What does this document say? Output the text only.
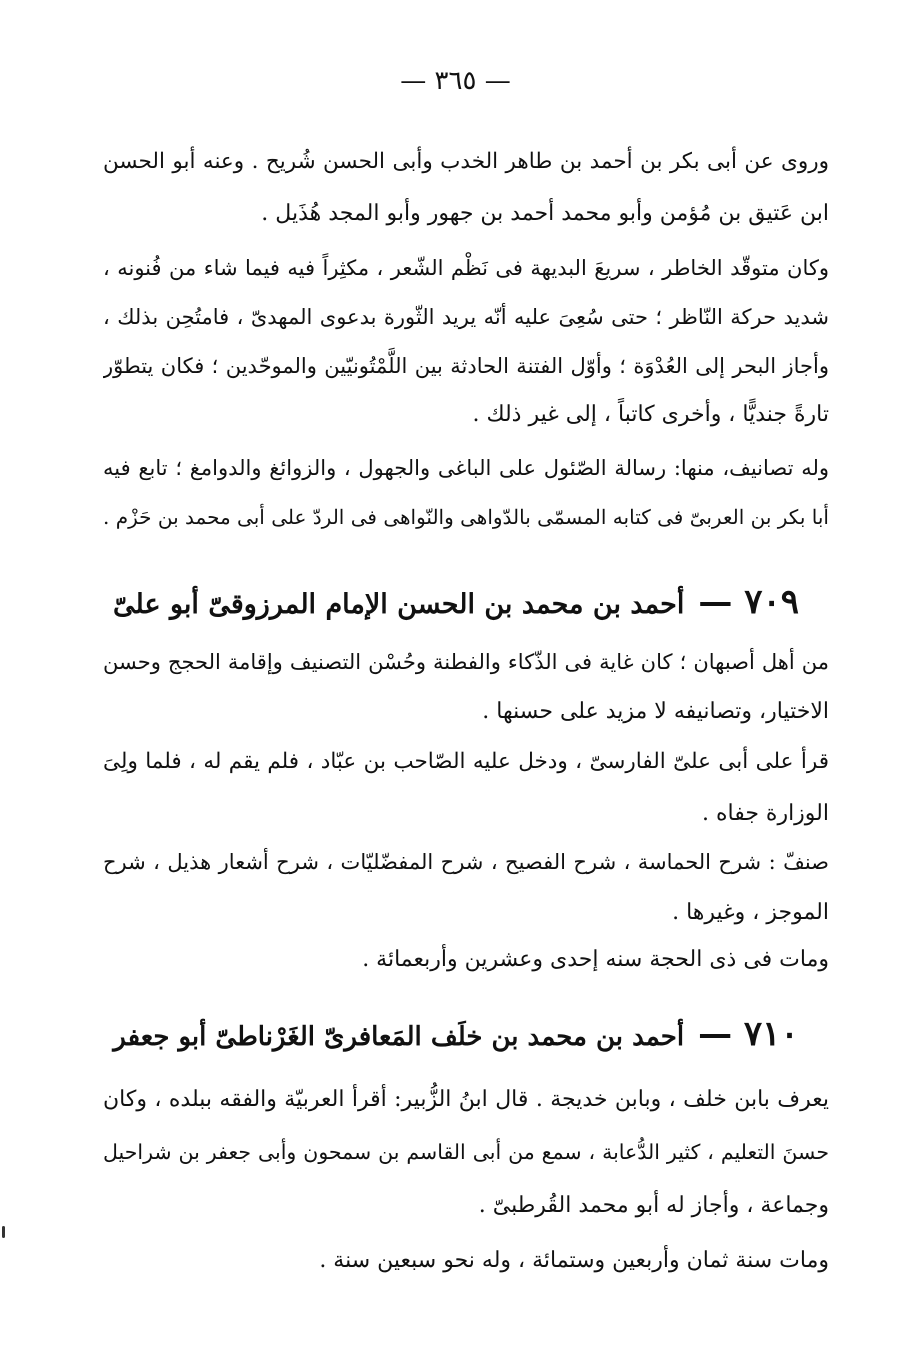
— ٣٦٥ —
وروى عن أبى بكر بن أحمد بن طاهر الخدب وأبى الحسن شُريح . وعنه أبو الحسن
ابن عَتيق بن مُؤمن وأبو محمد أحمد بن جهور وأبو المجد هُذَيل .
وكان متوقّد الخاطر ، سريعَ البديهة فى نَظْم الشّعر ، مكثِراً فيه فيما شاء من فُنونه ،
شديد حركة النّاظر ؛ حتى سُعِىَ عليه أنّه يريد الثّورة بدعوى المهدىّ ، فامتُحِن بذلك ،
وأجاز البحر إلى العُدْوَة ؛ وأوّل الفتنة الحادثة بين اللَّمْتُونيّين والموحّدين ؛ فكان يتطوّر
تارةً جنديًّا ، وأخرى كاتباً ، إلى غير ذلك .
وله تصانيف، منها: رسالة الصّئول على الباغى والجهول ، والزوائغ والدوامغ ؛ تابع فيه
أبا بكر بن العربىّ فى كتابه المسمّى بالدّواهى والنّواهى فى الردّ على أبى محمد بن حَزْم .
٧٠٩ —أحمد بن محمد بن الحسن الإمام المرزوقىّ أبو علىّ
من أهل أصبهان ؛ كان غاية فى الذّكاء والفطنة وحُسْن التصنيف وإقامة الحجج وحسن
الاختيار، وتصانيفه لا مزيد على حسنها .
قرأ على أبى علىّ الفارسىّ ، ودخل عليه الصّاحب بن عبّاد ، فلم يقم له ، فلما ولِىَ
الوزارة جفاه .
صنفّ : شرح الحماسة ، شرح الفصيح ، شرح المفضّليّات ، شرح أشعار هذيل ، شرح
الموجز ، وغيرها .
ومات فى ذى الحجة سنه إحدى وعشرين وأربعمائة .
٧١٠ —أحمد بن محمد بن خلَف المَعافرىّ الغَرْناطىّ أبو جعفر
يعرف بابن خلف ، وبابن خديجة . قال ابنُ الزُّبير: أقرأ العربيّة والفقه ببلده ، وكان
حسنَ التعليم ، كثير الدُّعابة ، سمع من أبى القاسم بن سمحون وأبى جعفر بن شراحيل
وجماعة ، وأجاز له أبو محمد القُرطبىّ .
ومات سنة ثمان وأربعين وستمائة ، وله نحو سبعين سنة .
